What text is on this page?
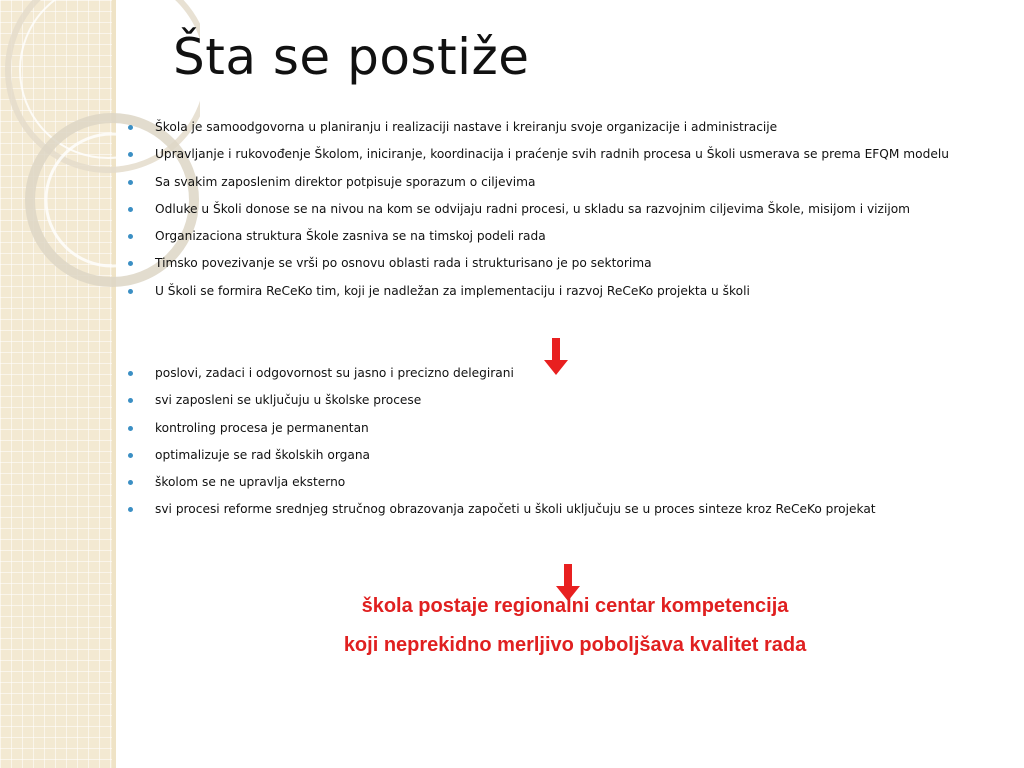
Šta se postiže
Škola je samoodgovorna u planiranju i realizaciji nastave i kreiranju svoje organizacije i administracije
Upravljanje i rukovođenje Školom, iniciranje, koordinacija i praćenje svih radnih procesa u Školi usmerava se prema EFQM modelu
Sa svakim zaposlenim direktor potpisuje sporazum o ciljevima
Odluke u Školi donose se na nivou na kom se odvijaju radni procesi, u skladu sa razvojnim ciljevima Škole, misijom i vizijom
Organizaciona struktura Škole zasniva se na timskoj podeli rada
Timsko povezivanje se vrši po osnovu oblasti rada i strukturisano je po sektorima
U Školi se formira ReCeKo tim, koji je nadležan za implementaciju i razvoj ReCeKo projekta u školi
poslovi, zadaci i odgovornost su jasno i precizno delegirani
svi zaposleni se uključuju u školske procese
kontroling procesa je permanentan
optimalizuje se rad školskih organa
školom se ne upravlja eksterno
svi procesi reforme srednjeg stručnog obrazovanja započeti u školi uključuju se u proces sinteze kroz ReCeKo projekat

škola postaje regionalni centar kompetencija

koji neprekidno merljivo poboljšava kvalitet rada
